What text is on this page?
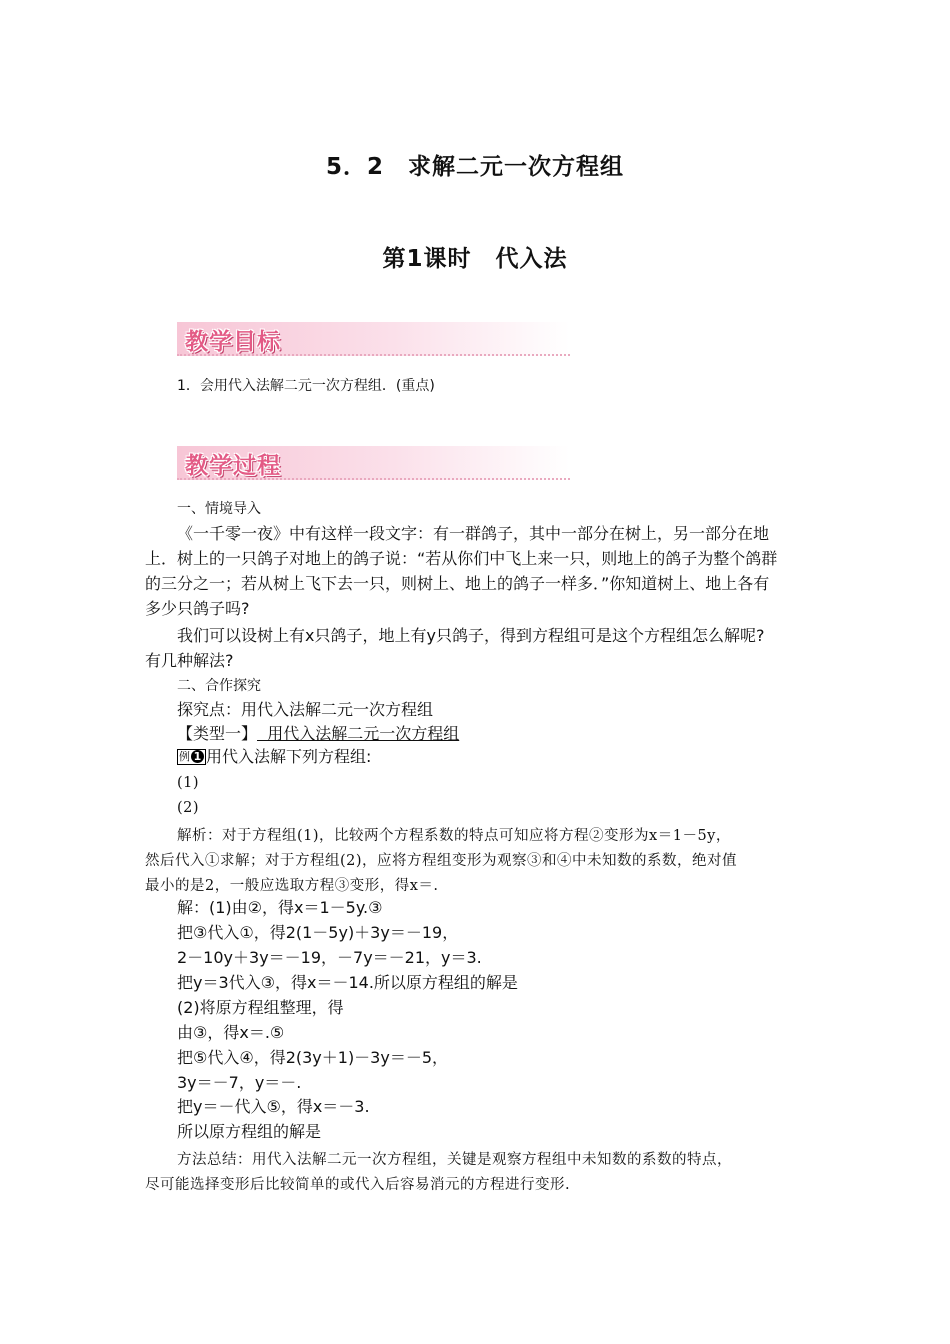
5．2　求解二元一次方程组
第1课时　代入法
教学目标
1．会用代入法解二元一次方程组．(重点)
教学过程
一、情境导入
《一千零一夜》中有这样一段文字：有一群鸽子，其中一部分在树上，另一部分在地
上．树上的一只鸽子对地上的鸽子说：“若从你们中飞上来一只，则地上的鸽子为整个鸽群
的三分之一；若从树上飞下去一只，则树上、地上的鸽子一样多．”你知道树上、地上各有
多少只鸽子吗?
我们可以设树上有x只鸽子，地上有y只鸽子，得到方程组可是这个方程组怎么解呢?
有几种解法?
二、合作探究
探究点：用代入法解二元一次方程组
【类型一】  用代入法解二元一次方程组
例 1 用代入法解下列方程组:
(1)
(2)
解析：对于方程组(1)，比较两个方程系数的特点可知应将方程②变形为x＝1－5y，
然后代入①求解；对于方程组(2)，应将方程组变形为观察③和④中未知数的系数，绝对值
最小的是2，一般应选取方程③变形，得x＝.
解：(1)由②，得x＝1－5y.③
把③代入①，得2(1－5y)＋3y＝－19，
2－10y＋3y＝－19，－7y＝－21，y＝3.
把y＝3代入③，得x＝－14.所以原方程组的解是
(2)将原方程组整理，得
由③，得x＝.⑤
把⑤代入④，得2(3y＋1)－3y＝－5，
3y＝－7，y＝－.
把y＝－代入⑤，得x＝－3.
所以原方程组的解是
方法总结：用代入法解二元一次方程组，关键是观察方程组中未知数的系数的特点，
尽可能选择变形后比较简单的或代入后容易消元的方程进行变形.
